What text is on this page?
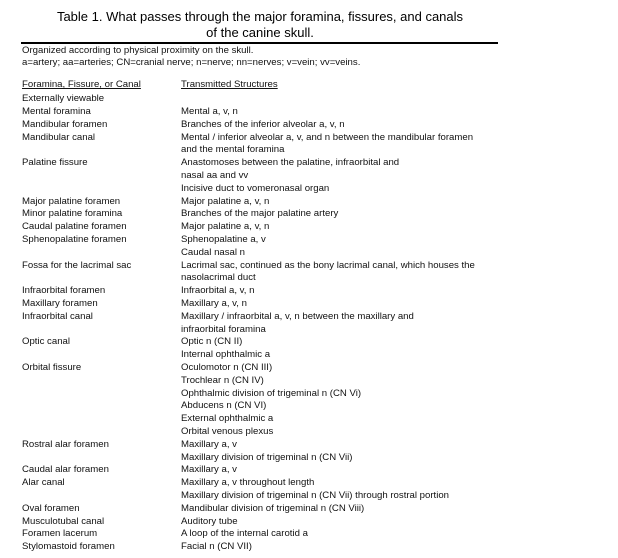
Table 1. What passes through the major foramina, fissures, and canals
of the canine skull.
Organized according to physical proximity on the skull.
a=artery; aa=arteries; CN=cranial nerve; n=nerve; nn=nerves; v=vein; vv=veins.
Foramina, Fissure, or Canal	Transmitted Structures
Externally viewable
Mental foramina	Mental a, v, n
Mandibular foramen	Branches of the inferior alveolar a, v, n
Mandibular canal	Mental / inferior alveolar a, v, and n between the mandibular foramen
and the mental foramina
Palatine fissure	Anastomoses between the palatine, infraorbital and
nasal aa and vv
Incisive duct to vomeronasal organ
Major palatine foramen	Major palatine a, v, n
Minor palatine foramina	Branches of the major palatine artery
Caudal palatine foramen	Major palatine a, v, n
Sphenopalatine foramen	Sphenopalatine a, v
Caudal nasal n
Fossa for the lacrimal sac	Lacrimal sac, continued as the bony lacrimal canal, which houses the
nasolacrimal duct
Infraorbital foramen	Infraorbital a, v, n
Maxillary foramen	Maxillary a, v, n
Infraorbital canal	Maxillary / infraorbital a, v, n between the maxillary and
infraorbital foramina
Optic canal	Optic n (CN II)
Internal ophthalmic a
Orbital fissure	Oculomotor n (CN III)
Trochlear n (CN IV)
Ophthalmic division of trigeminal n (CN Vi)
Abducens n (CN VI)
External ophthalmic a
Orbital venous plexus
Rostral alar foramen	Maxillary a, v
Maxillary division of trigeminal n (CN Vii)
Caudal alar foramen	Maxillary a, v
Alar canal	Maxillary a, v throughout length
Maxillary division of trigeminal n (CN Vii) through rostral portion
Oval foramen	Mandibular division of trigeminal n (CN Viii)
Musculotubal canal	Auditory tube
Foramen lacerum	A loop of the internal carotid a
Stylomastoid foramen	Facial n (CN VII)
